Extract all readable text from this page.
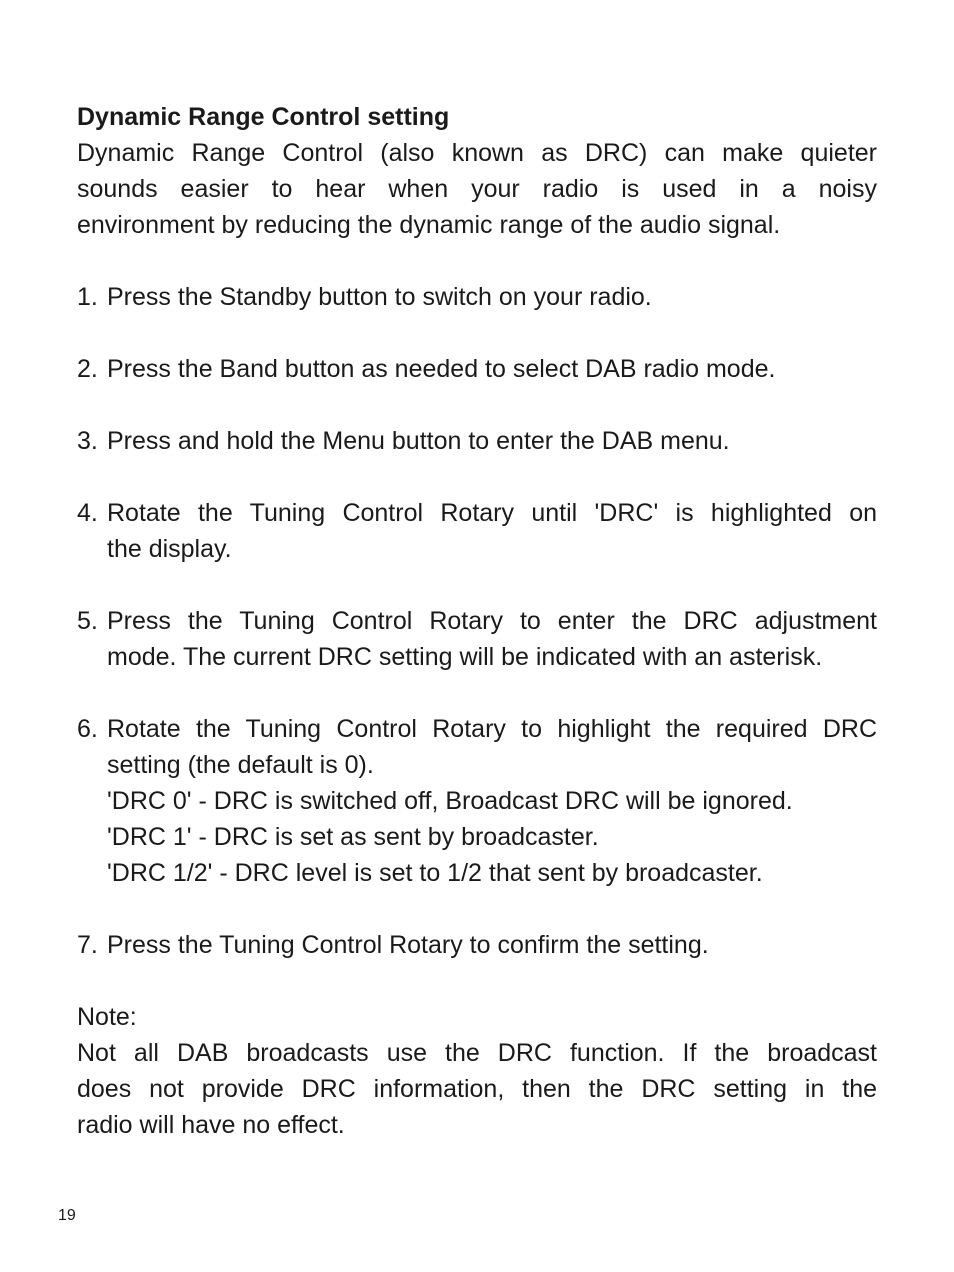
Dynamic Range Control setting
Dynamic Range Control (also known as DRC) can make quieter
sounds easier to hear when your radio is used in a noisy
environment by reducing the dynamic range of the audio signal.
1. Press the Standby button to switch on your radio.
2. Press the Band button as needed to select DAB radio mode.
3. Press and hold the Menu button to enter the DAB menu.
4. Rotate the Tuning Control Rotary until 'DRC' is highlighted on
the display.
5. Press the Tuning Control Rotary to enter the DRC adjustment
mode. The current DRC setting will be indicated with an asterisk.
6. Rotate the Tuning Control Rotary to highlight the required DRC
setting (the default is 0).
'DRC 0' - DRC is switched off, Broadcast DRC will be ignored.
'DRC 1' - DRC is set as sent by broadcaster.
'DRC 1/2' - DRC level is set to 1/2 that sent by broadcaster.
7. Press the Tuning Control Rotary to confirm the setting.
Note:
Not all DAB broadcasts use the DRC function. If the broadcast
does not provide DRC information, then the DRC setting in the
radio will have no effect.
19
